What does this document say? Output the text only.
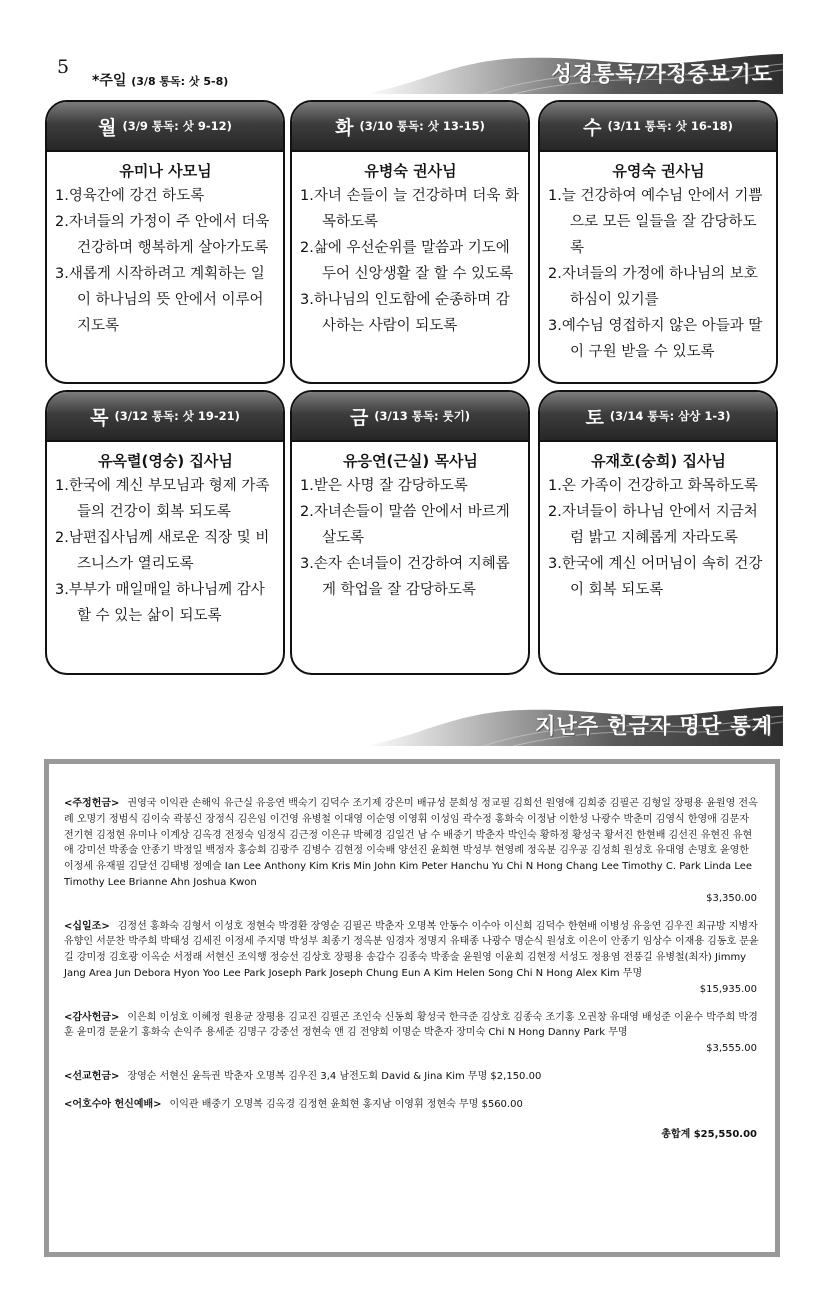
5
*주일 (3/8 통독: 삿 5-8)	성경통독/가정중보기도
월 (3/9 통독: 삿 9-12)
유미나 사모님
1.영육간에 강건 하도록
2.자녀들의 가정이 주 안에서 더욱 건강하며 행복하게 살아가도록
3.새롭게 시작하려고 계획하는 일이 하나님의 뜻 안에서 이루어지도록
화 (3/10 통독: 삿 13-15)
유병숙 권사님
1.자녀 손들이 늘 건강하며 더욱 화목하도록
2.삶에 우선순위를 말씀과 기도에 두어 신앙생활 잘 할 수 있도록
3.하나님의 인도함에 순종하며 감사하는 사람이 되도록
수 (3/11 통독: 삿 16-18)
유영숙 권사님
1.늘 건강하여 예수님 안에서 기쁨으로 모든 일들을 잘 감당하도록
2.자녀들의 가정에 하나님의 보호하심이 있기를
3.예수님 영접하지 않은 아들과 딸이 구원 받을 수 있도록
목 (3/12 통독: 삿 19-21)
유옥렬(영숭) 집사님
1.한국에 계신 부모님과 형제 가족들의 건강이 회복 되도록
2.남편집사님께 새로운 직장 및 비즈니스가 열리도록
3.부부가 매일매일 하나님께 감사할 수 있는 삶이 되도록
금 (3/13 통독: 룻기)
유응연(근실) 목사님
1.받은 사명 잘 감당하도록
2.자녀손들이 말씀 안에서 바르게 살도록
3.손자 손녀들이 건강하여 지혜롭게 학업을 잘 감당하도록
토 (3/14 통독: 삼상 1-3)
유재호(숭희) 집사님
1.온 가족이 건강하고 화목하도록
2.자녀들이 하나님 안에서 지금처럼 밝고 지혜롭게 자라도록
3.한국에 계신 어머님이 속히 건강이 회복 되도록
지난주 헌금자 명단 통계
<주정헌금> 권영국 이익관 손해익 유근실 유응연 백숙기 김덕수 조기제 강은미 배규성 문희성 정교필 김희선 원영애 김희중 김필곤 김형일 장평용 윤원영 전옥례 오명기 정범식 김이숙 곽봉신 장정식 김은임 이건영 유병철 이대영 이순영 이영휘 이성임 곽수정 홍화숙 이정남 이한성 나광수 박춘미 김영식 한영애 김문자 전기현 김정현 유미나 이계상 김옥경 전정숙 임정식 김근정 이은규 박혜경 김일건 남 수 배중기 박춘자 박인숙 황하정 황성국 황서진 한현배 김선진 유현진 유현애 강미선 박종술 안종기 박정일 백정자 홍승회 김광주 김병수 김현정 이숙배 양선진 윤희현 박성부 현영례 정옥분 김우공 김성희 원성호 유대영 손명호 윤영한 이정세 유재필 김달선 김태병 정예슬 Ian Lee Anthony Kim Kris Min John Kim Peter Hanchu Yu Chi N Hong Chang Lee Timothy C. Park Linda Lee Timothy Lee Brianne Ahn Joshua Kwon
$3,350.00
<십일조> 김정선 홍화숙 김형서 이성호 정현숙 박경환 장영순 김필곤 박춘자 오명복 안동수 이수아 이신희 김덕수 한현배 이병성 유응연 김우진 최규방 지병자 유향인 서문찬 박주희 박태성 김세진 이정세 주지명 박성부 최종기 정옥분 임경자 정명지 유태종 나광수 명순식 원성호 이은이 안종기 임상수 이재용 김동호 문윤길 강미정 김호광 이옥순 서정래 서현신 조익행 정승선 김상호 장평용 송갑수 김종숙 박종술 윤원영 이윤희 김현정 서성도 정용염 전풍길 유병철(최자) Jimmy Jang Area Jun Debora Hyon Yoo Lee Park Joseph Park Joseph Chung Eun A Kim Helen Song Chi N Hong Alex Kim 무명
$15,935.00
<감사헌금> 이은희 이성호 이혜정 원용균 장평용 김교진 김필곤 조인숙 신동희 황성국 한극준 김상호 김종숙 조기홍 오권창 유대영 배성준 이윤수 박주희 박경훈 윤미경 문윤기 홍화숙 손익주 용세준 김명구 강중선 정현숙 앤 김 전양희 이명순 박춘자 장미숙 Chi N Hong Danny Park 무명
$3,555.00
<선교헌금> 장영순 서현신 윤득권 박춘자 오명복 김우진 3,4 남전도회 David & Jina Kim 무명 $2,150.00
<어호수아 헌신예배> 이익관 배중기 오명복 김옥경 김정현 윤희현 홍지남 이영휘 정현숙 무명 $560.00
총합계 $25,550.00
